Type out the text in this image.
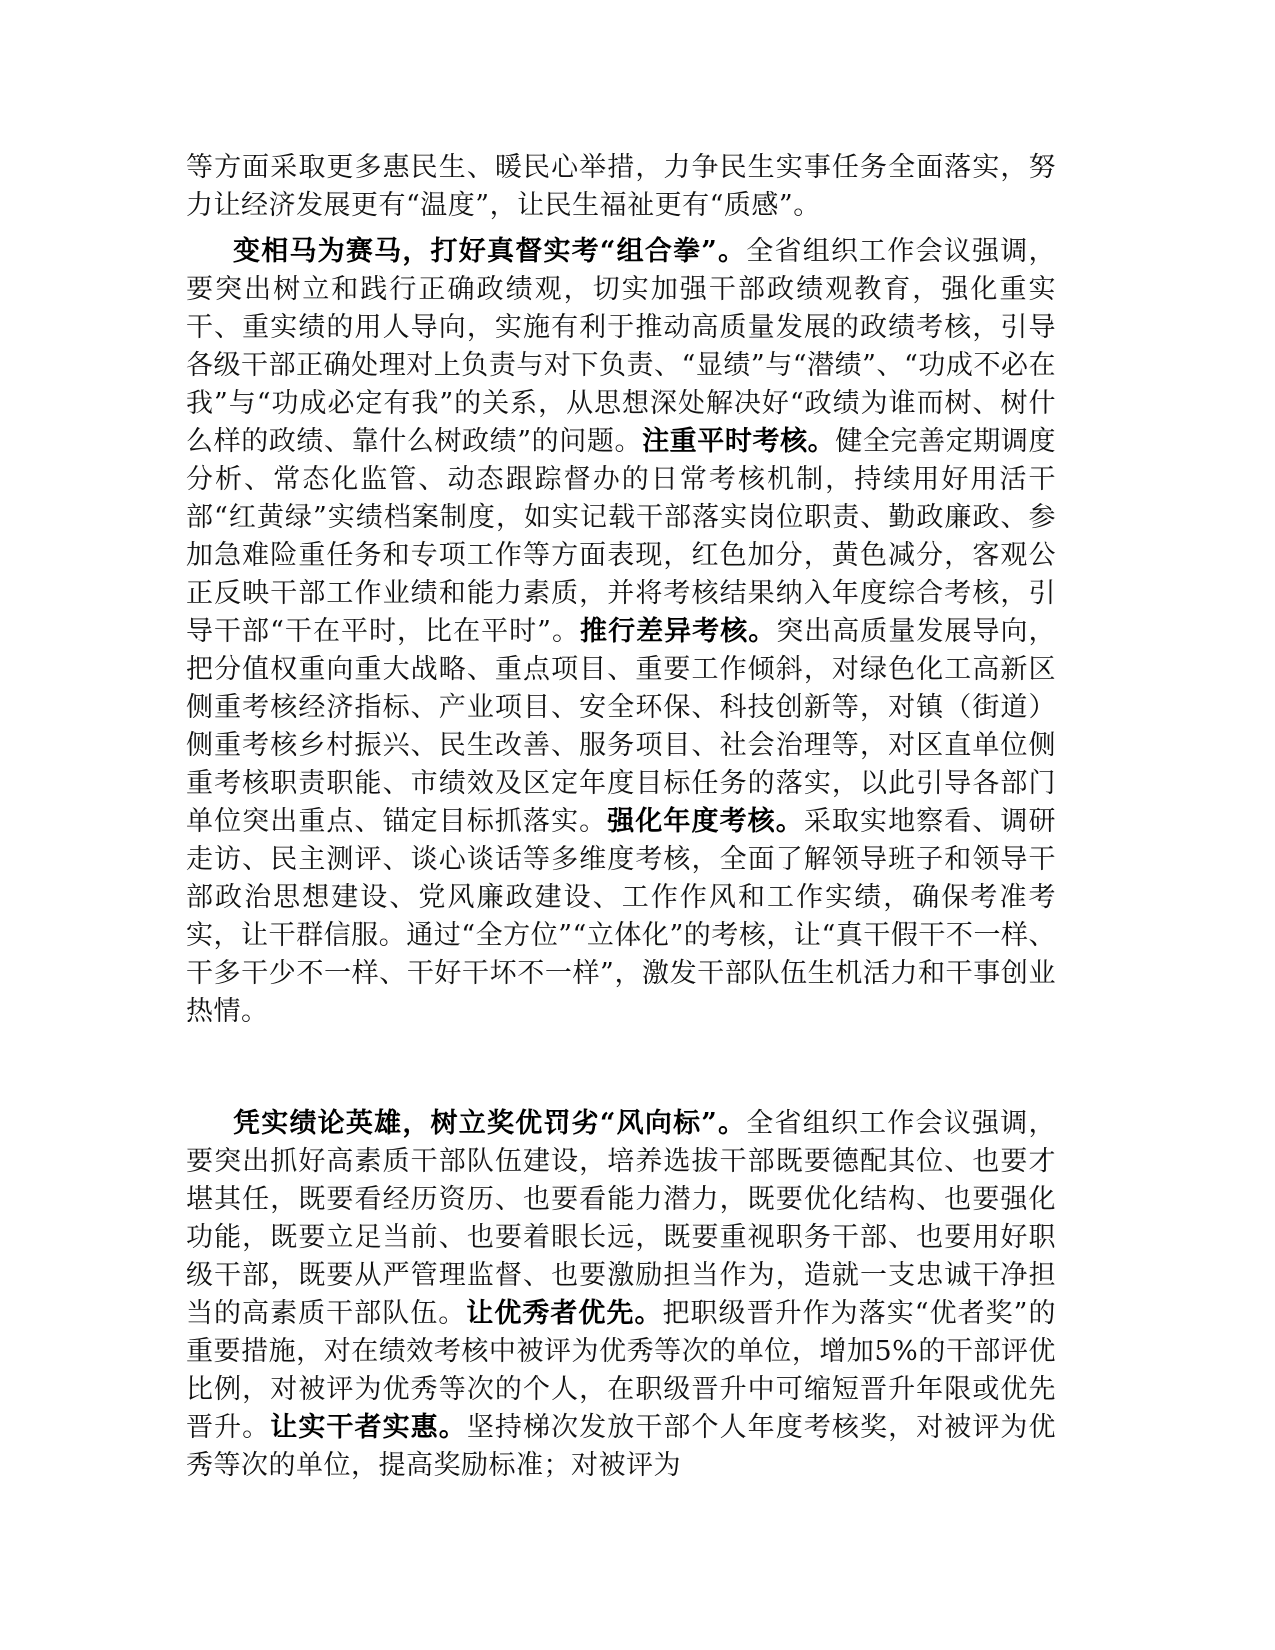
等方面采取更多惠民生、暖民心举措，力争民生实事任务全面落实，努力让经济发展更有“温度”，让民生福祉更有“质感”。

变相马为赛马，打好真督实考“组合拳”。全省组织工作会议强调，要突出树立和践行正确政绩观，切实加强干部政绩观教育，强化重实干、重实绩的用人导向，实施有利于推动高质量发展的政绩考核，引导各级干部正确处理对上负责与对下负责、“显绩”与“潜绩”、“功成不必在我”与“功成必定有我”的关系，从思想深处解决好“政绩为谁而树、树什么样的政绩、靠什么树政绩”的问题。注重平时考核。健全完善定期调度分析、常态化监管、动态跟踪督办的日常考核机制，持续用好用活干部“红黄绿”实绩档案制度，如实记载干部落实岗位职责、勤政廉政、参加急难险重任务和专项工作等方面表现，红色加分，黄色减分，客观公正反映干部工作业绩和能力素质，并将考核结果纳入年度综合考核，引导干部“干在平时，比在平时”。推行差异考核。突出高质量发展导向，把分值权重向重大战略、重点项目、重要工作倾斜，对绿色化工高新区侧重考核经济指标、产业项目、安全环保、科技创新等，对镇（街道）侧重考核乡村振兴、民生改善、服务项目、社会治理等，对区直单位侧重考核职责职能、市绩效及区定年度目标任务的落实，以此引导各部门单位突出重点、锚定目标抓落实。强化年度考核。采取实地察看、调研走访、民主测评、谈心谈话等多维度考核，全面了解领导班子和领导干部政治思想建设、党风廉政建设、工作作风和工作实绩，确保考准考实，让干群信服。通过“全方位”“立体化”的考核，让“真干假干不一样、干多干少不一样、干好干坏不一样”，激发干部队伍生机活力和干事创业热情。

凭实绩论英雄，树立奖优罚劣“风向标”。全省组织工作会议强调，要突出抓好高素质干部队伍建设，培养选拔干部既要德配其位、也要才堪其任，既要看经历资历、也要看能力潜力，既要优化结构、也要强化功能，既要立足当前、也要着眼长远，既要重视职务干部、也要用好职级干部，既要从严管理监督、也要激励担当作为，造就一支忠诚干净担当的高素质干部队伍。让优秀者优先。把职级晋升作为落实“优者奖”的重要措施，对在绩效考核中被评为优秀等次的单位，增加5%的干部评优比例，对被评为优秀等次的个人，在职级晋升中可缩短晋升年限或优先晋升。让实干者实惠。坚持梯次发放干部个人年度考核奖，对被评为优秀等次的单位，提高奖励标准；对被评为
